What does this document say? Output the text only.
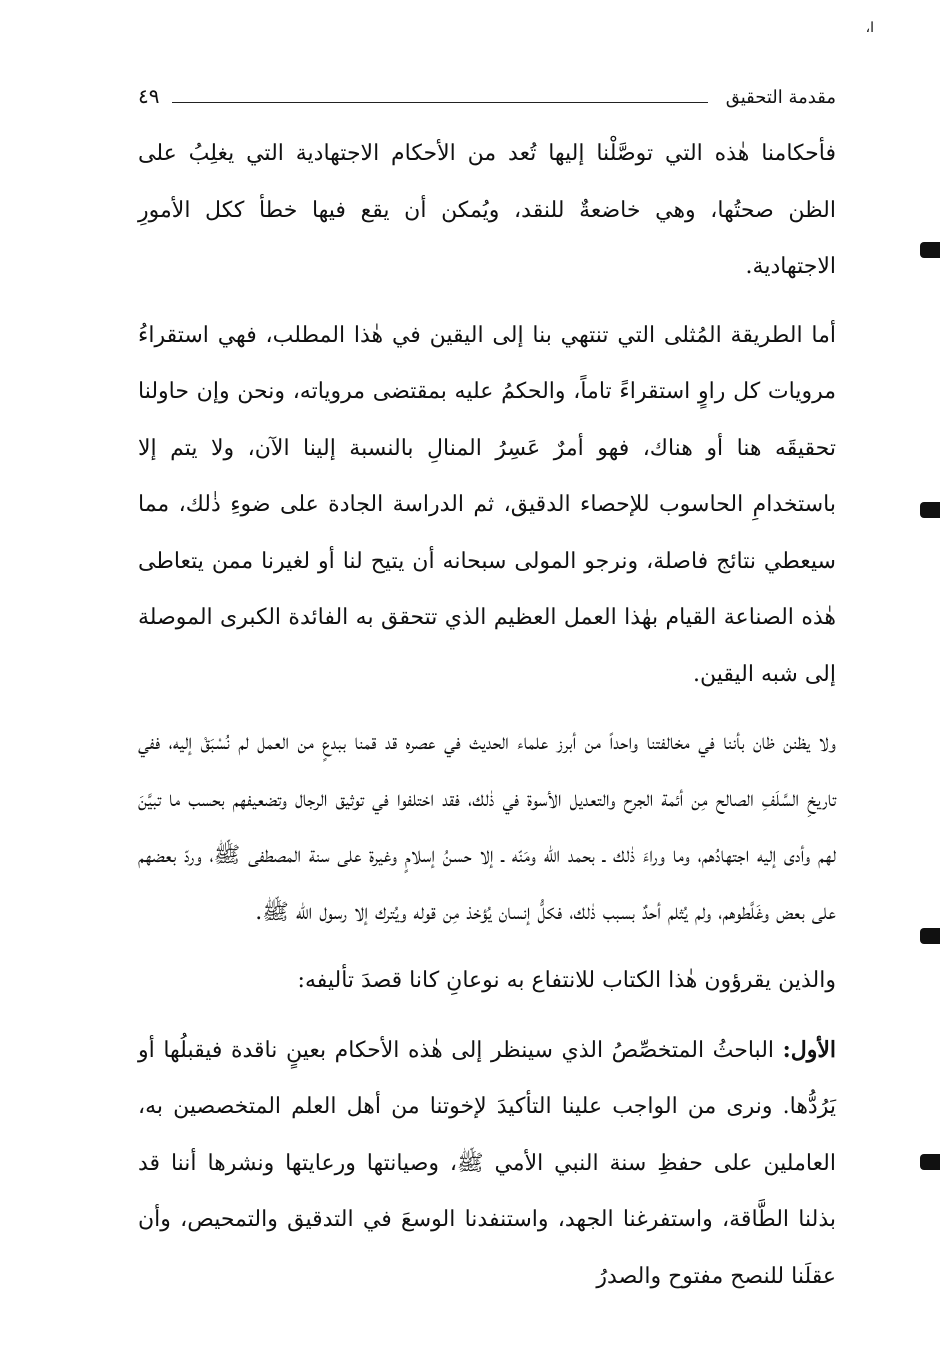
ا،
مقدمة التحقيق
٤٩

فأحكامنا هٰذه التي توصَّلْنا إليها تُعد من الأحكام الاجتهادية التي يغلِبُ على الظن صحتُها، وهي خاضعةٌ للنقد، ويُمكن أن يقع فيها خطأ ككل الأمورِ الاجتهادية.

أما الطريقة المُثلى التي تنتهي بنا إلى اليقين في هٰذا المطلب، فهي استقراءُ مرويات كل راوٍ استقراءً تاماً، والحكمُ عليه بمقتضى مروياته، ونحن وإن حاولنا تحقيقَه هنا أو هناك، فهو أمرٌ عَسِرُ المنالِ بالنسبة إلينا الآن، ولا يتم إلا باستخدامِ الحاسوب للإحصاء الدقيق، ثم الدراسة الجادة على ضوءِ ذٰلك، مما سيعطي نتائج فاصلة، ونرجو المولى سبحانه أن يتيح لنا أو لغيرنا ممن يتعاطى هٰذه الصناعة القيام بهٰذا العمل العظيم الذي تتحقق به الفائدة الكبرى الموصلة إلى شبه اليقين.

ولا يظنن ظان بأننا في مخالفتنا واحداً من أبرز علماء الحديث في عصره قد قمنا ببدعٍ من العمل لم نُسْبَقْ إليه، ففي تاريخِ السَّلَفِ الصالح مِن أئمة الجرح والتعديل الأسوة في ذٰلك، فقد اختلفوا في توثيق الرجال وتضعيفهم بحسب ما تبيَّنَ لهم وأدى إليه اجتهادُهم، وما وراءَ ذٰلك ـ بحمد الله ومَنّه ـ إلا حسنُ إسلامٍ وغيرة على سنة المصطفى ﷺ، وردّ بعضهم على بعض وغَلَّطوهم، ولم يُثلم أحدٌ بسبب ذٰلك، فكلُّ إنسان يُؤخذ مِن قوله ويُترك إلا رسول الله ﷺ.

والذين يقرؤون هٰذا الكتاب للانتفاع به نوعانِ كانا قصدَ تأليفه:

الأول: الباحثُ المتخصِّصُ الذي سينظر إلى هٰذه الأحكام بعينٍ ناقدة فيقبلُها أو يَرُدُّها. ونرى من الواجب علينا التأكيدَ لإخوتنا من أهل العلم المتخصصين به، العاملين على حفظِ سنة النبي الأمي ﷺ، وصيانتها ورعايتها ونشرها أننا قد بذلنا الطَّاقة، واستفرغنا الجهد، واستنفدنا الوسعَ في التدقيق والتمحيص، وأن عقلَنا للنصح مفتوح والصدرُ
